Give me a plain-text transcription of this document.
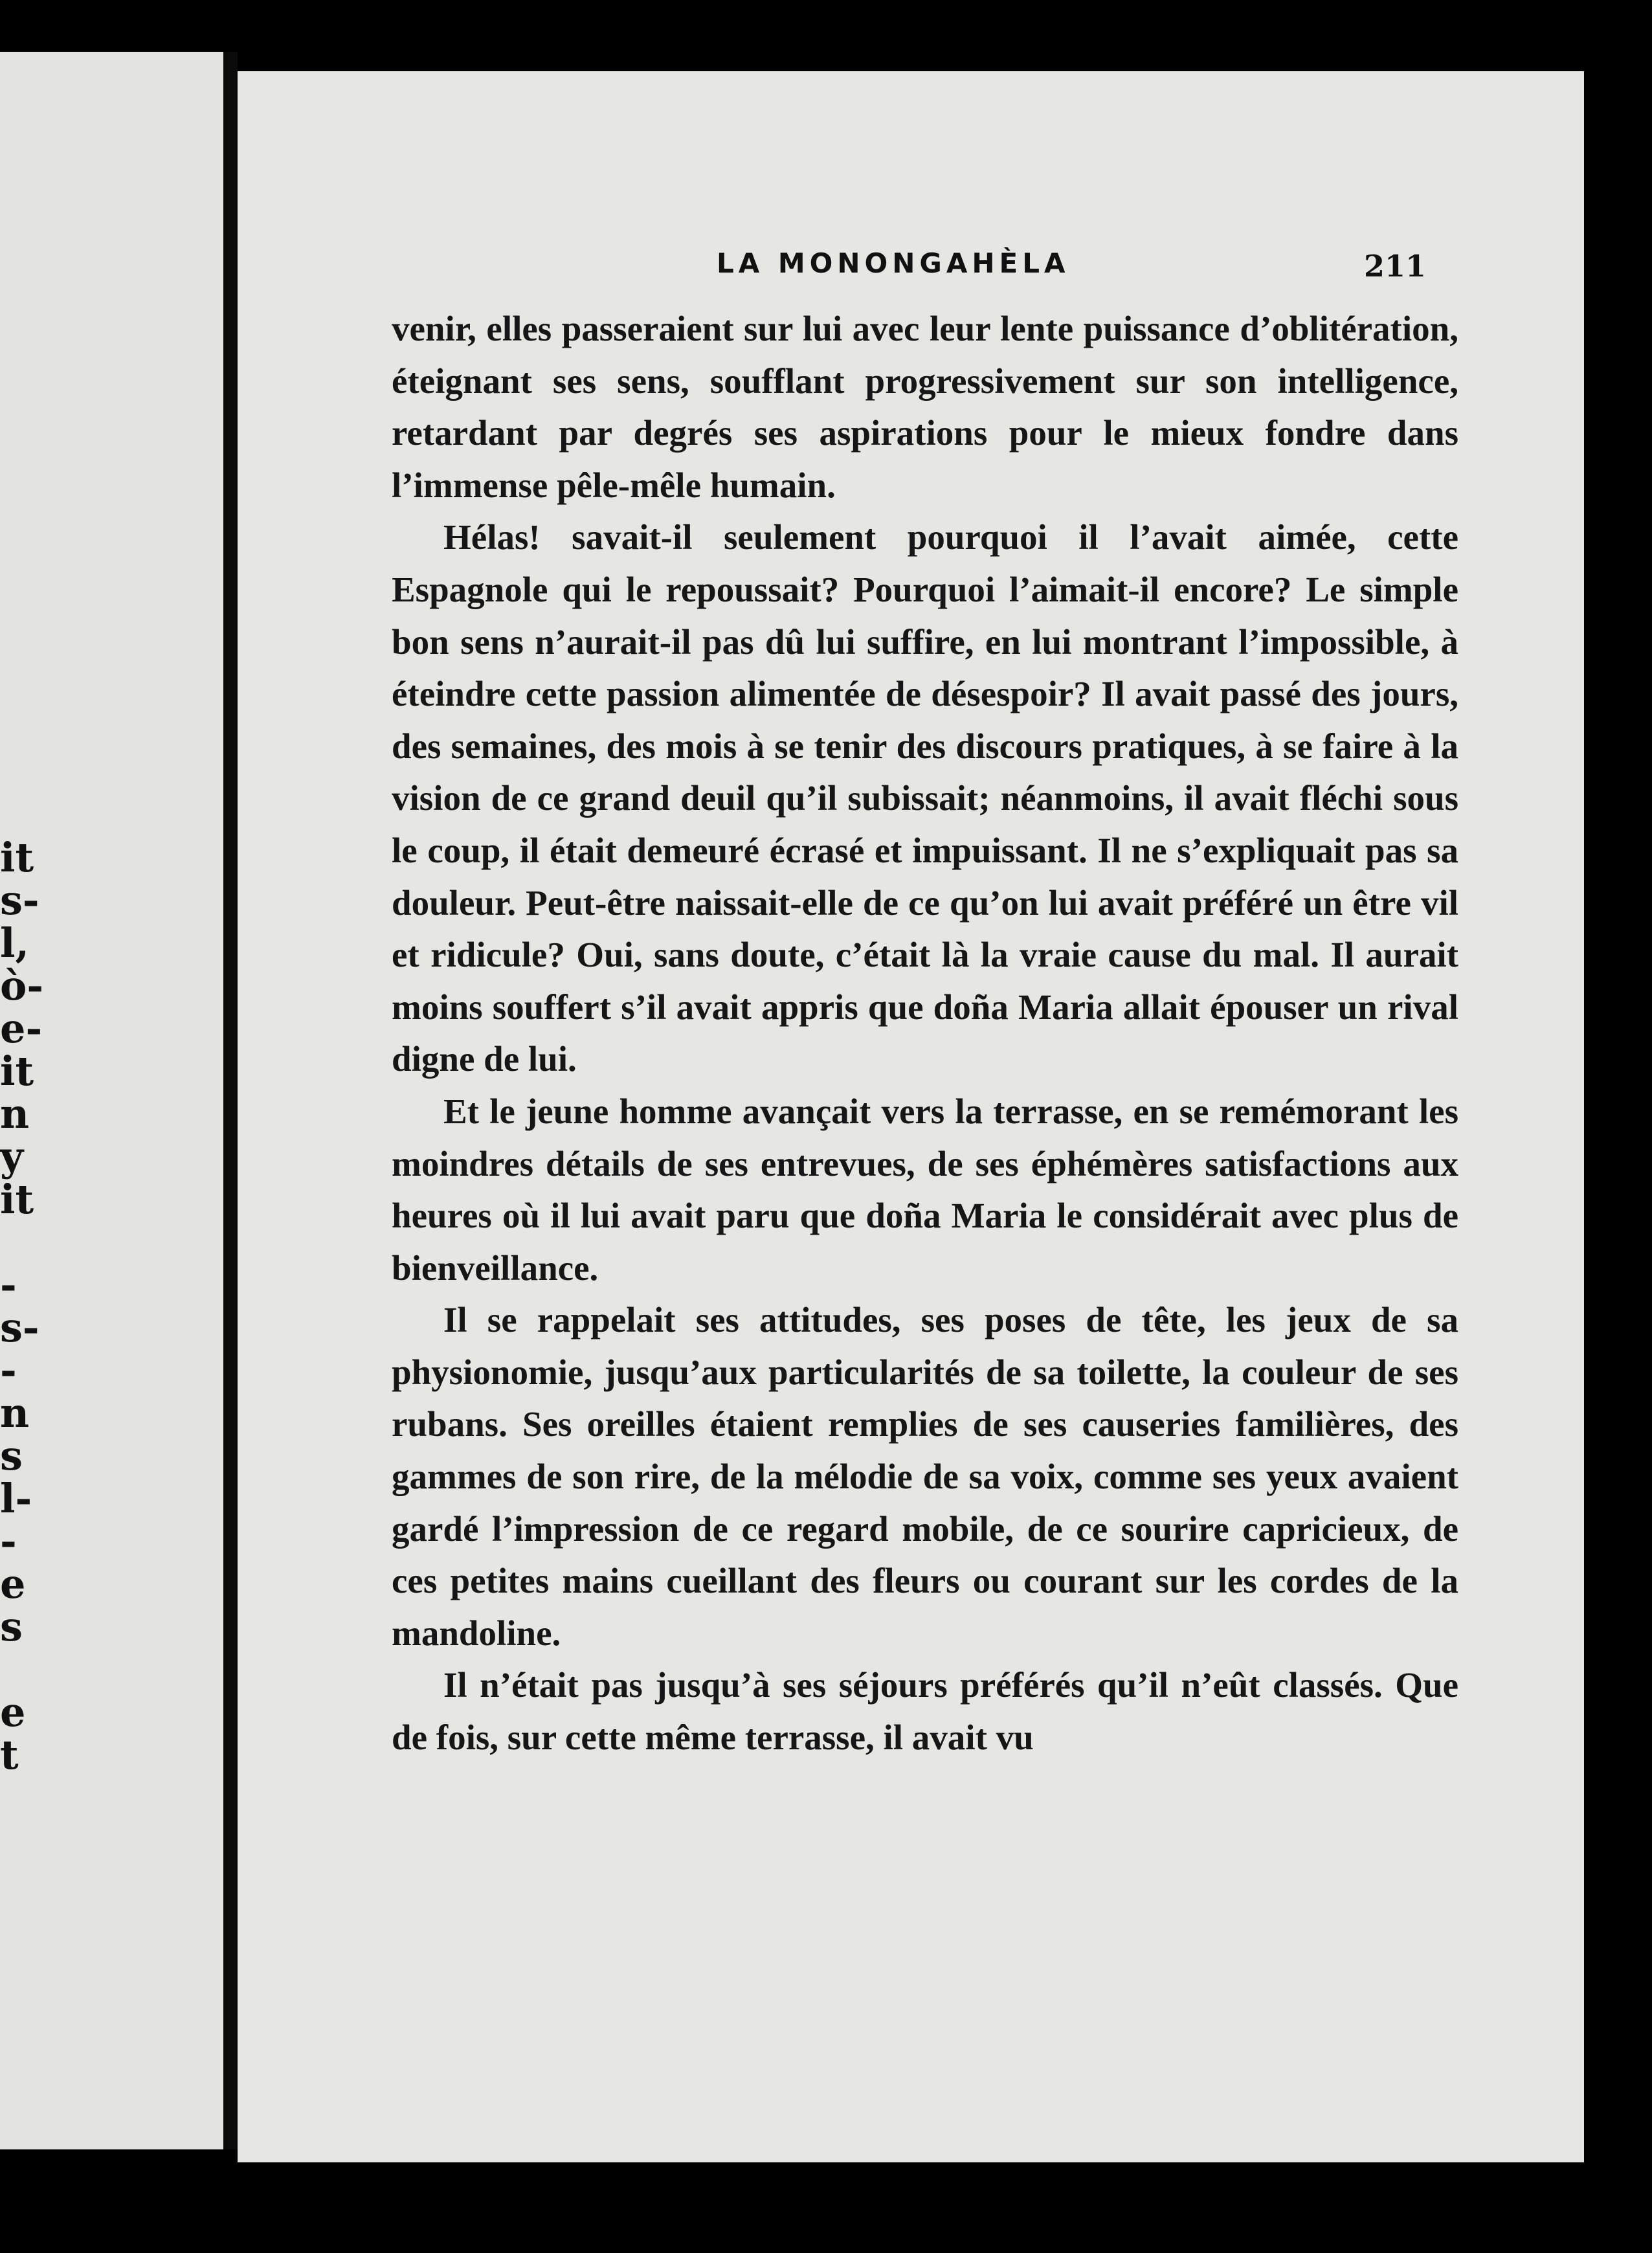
it
s-
l,
ò-
e-
it
n
y
it
-
s-
-
n
s
l-
-
e
s
e
t
LA MONONGAHÈLA	211

venir, elles passeraient sur lui avec leur lente puissance d’oblitération, éteignant ses sens, soufflant progressivement sur son intelligence, retardant par degrés ses aspirations pour le mieux fondre dans l’immense pêle-mêle humain.

Hélas! savait-il seulement pourquoi il l’avait aimée, cette Espagnole qui le repoussait? Pourquoi l’aimait-il encore? Le simple bon sens n’aurait-il pas dû lui suffire, en lui montrant l’impossible, à éteindre cette passion alimentée de désespoir? Il avait passé des jours, des semaines, des mois à se tenir des discours pratiques, à se faire à la vision de ce grand deuil qu’il subissait; néanmoins, il avait fléchi sous le coup, il était demeuré écrasé et impuissant. Il ne s’expliquait pas sa douleur. Peut-être naissait-elle de ce qu’on lui avait préféré un être vil et ridicule? Oui, sans doute, c’était là la vraie cause du mal. Il aurait moins souffert s’il avait appris que doña Maria allait épouser un rival digne de lui.

Et le jeune homme avançait vers la terrasse, en se remémorant les moindres détails de ses entrevues, de ses éphémères satisfactions aux heures où il lui avait paru que doña Maria le considérait avec plus de bienveillance.

Il se rappelait ses attitudes, ses poses de tête, les jeux de sa physionomie, jusqu’aux particularités de sa toilette, la couleur de ses rubans. Ses oreilles étaient remplies de ses causeries familières, des gammes de son rire, de la mélodie de sa voix, comme ses yeux avaient gardé l’impression de ce regard mobile, de ce sourire capricieux, de ces petites mains cueillant des fleurs ou courant sur les cordes de la mandoline.

Il n’était pas jusqu’à ses séjours préférés qu’il n’eût classés. Que de fois, sur cette même terrasse, il avait vu
